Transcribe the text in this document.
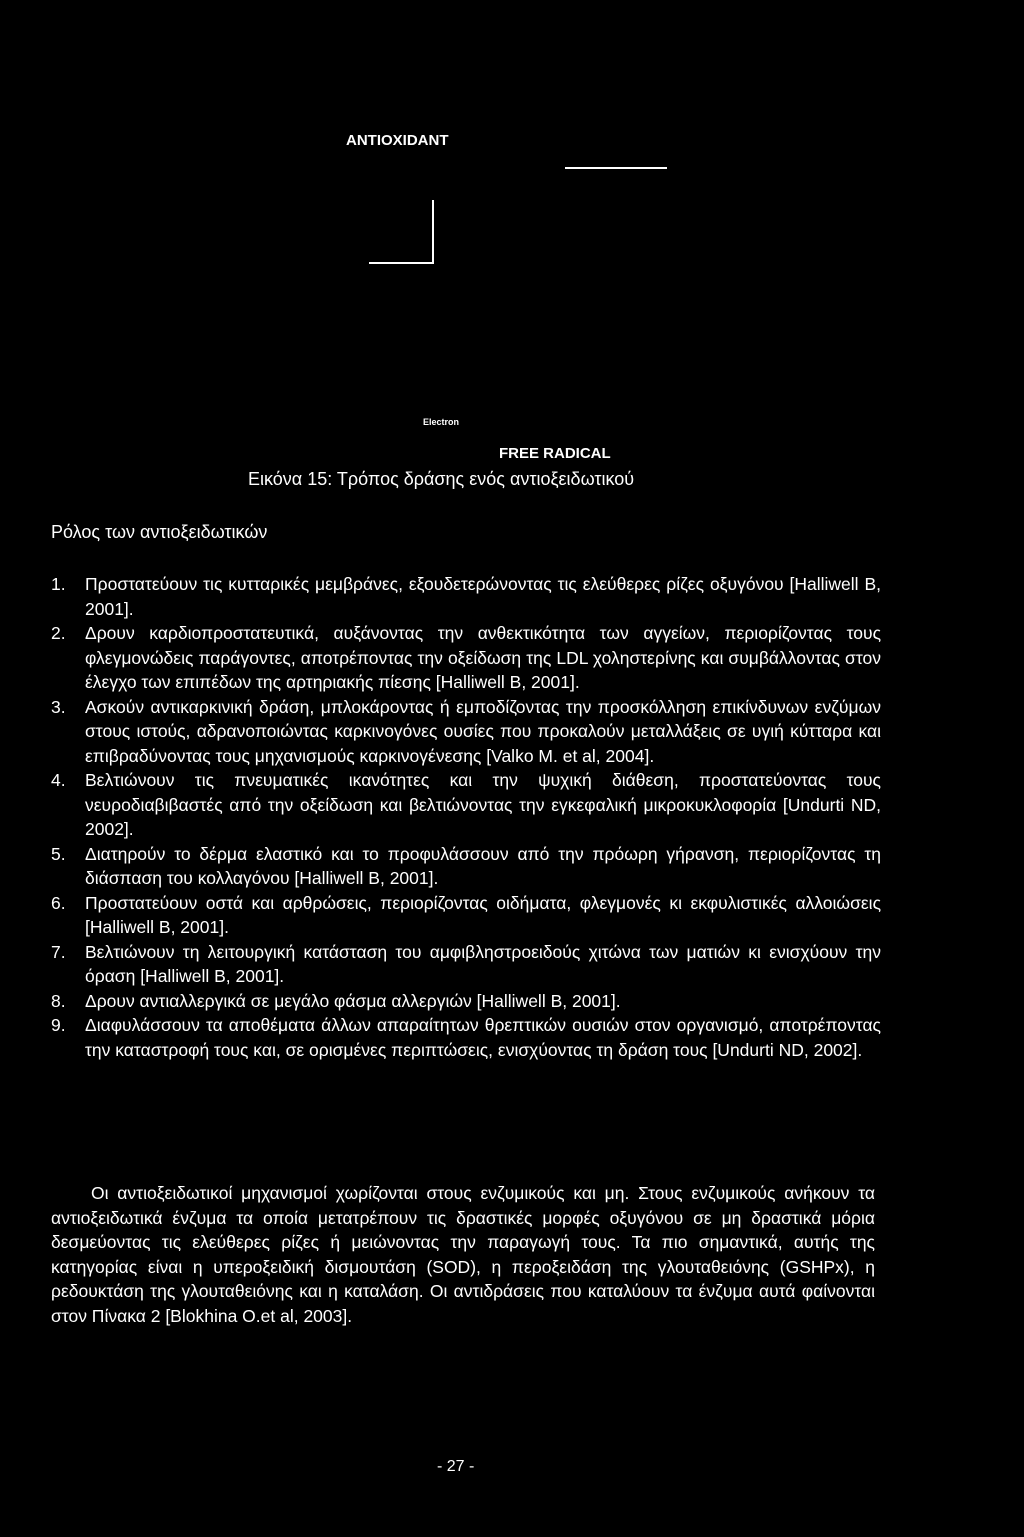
ANTIOXIDANT
Electron
FREE RADICAL
Εικόνα 15: Τρόπος δράσης ενός αντιοξειδωτικού
Ρόλος των αντιοξειδωτικών
1. Προστατεύουν τις κυτταρικές μεμβράνες, εξουδετερώνοντας τις ελεύθερες ρίζες οξυγόνου [Halliwell B, 2001].
2. Δρουν καρδιοπροστατευτικά, αυξάνοντας την ανθεκτικότητα των αγγείων, περιορίζοντας τους φλεγμονώδεις παράγοντες, αποτρέποντας την οξείδωση της LDL χοληστερίνης και συμβάλλοντας στον έλεγχο των επιπέδων της αρτηριακής πίεσης [Halliwell B, 2001].
3. Ασκούν αντικαρκινική δράση, μπλοκάροντας ή εμποδίζοντας την προσκόλληση επικίνδυνων ενζύμων στους ιστούς, αδρανοποιώντας καρκινογόνες ουσίες που προκαλούν μεταλλάξεις σε υγιή κύτταρα και επιβραδύνοντας τους μηχανισμούς καρκινογένεσης [Valko M. et al, 2004].
4. Βελτιώνουν τις πνευματικές ικανότητες και την ψυχική διάθεση, προστατεύοντας τους νευροδιαβιβαστές από την οξείδωση και βελτιώνοντας την εγκεφαλική μικροκυκλοφορία [Undurti ND, 2002].
5. Διατηρούν το δέρμα ελαστικό και το προφυλάσσουν από την πρόωρη γήρανση, περιορίζοντας τη διάσπαση του κολλαγόνου [Halliwell B, 2001].
6. Προστατεύουν οστά και αρθρώσεις, περιορίζοντας οιδήματα, φλεγμονές κι εκφυλιστικές αλλοιώσεις [Halliwell B, 2001].
7. Βελτιώνουν τη λειτουργική κατάσταση του αμφιβληστροειδούς χιτώνα των ματιών κι ενισχύουν την όραση [Halliwell B, 2001].
8. Δρουν αντιαλλεργικά σε μεγάλο φάσμα αλλεργιών [Halliwell B, 2001].
9. Διαφυλάσσουν τα αποθέματα άλλων απαραίτητων θρεπτικών ουσιών στον οργανισμό, αποτρέποντας την καταστροφή τους και, σε ορισμένες περιπτώσεις, ενισχύοντας τη δράση τους [Undurti ND, 2002].
Οι αντιοξειδωτικοί μηχανισμοί χωρίζονται στους ενζυμικούς και μη. Στους ενζυμικούς ανήκουν τα αντιοξειδωτικά ένζυμα τα οποία μετατρέπουν τις δραστικές μορφές οξυγόνου σε μη δραστικά μόρια δεσμεύοντας τις ελεύθερες ρίζες ή μειώνοντας την παραγωγή τους. Τα πιο σημαντικά, αυτής της κατηγορίας είναι η υπεροξειδική δισμουτάση (SOD), η περοξειδάση της γλουταθειόνης (GSHPx), η ρεδουκτάση της γλουταθειόνης και η καταλάση. Οι αντιδράσεις που καταλύουν τα ένζυμα αυτά φαίνονται στον Πίνακα 2 [Blokhina O.et al, 2003].
- 27 -
